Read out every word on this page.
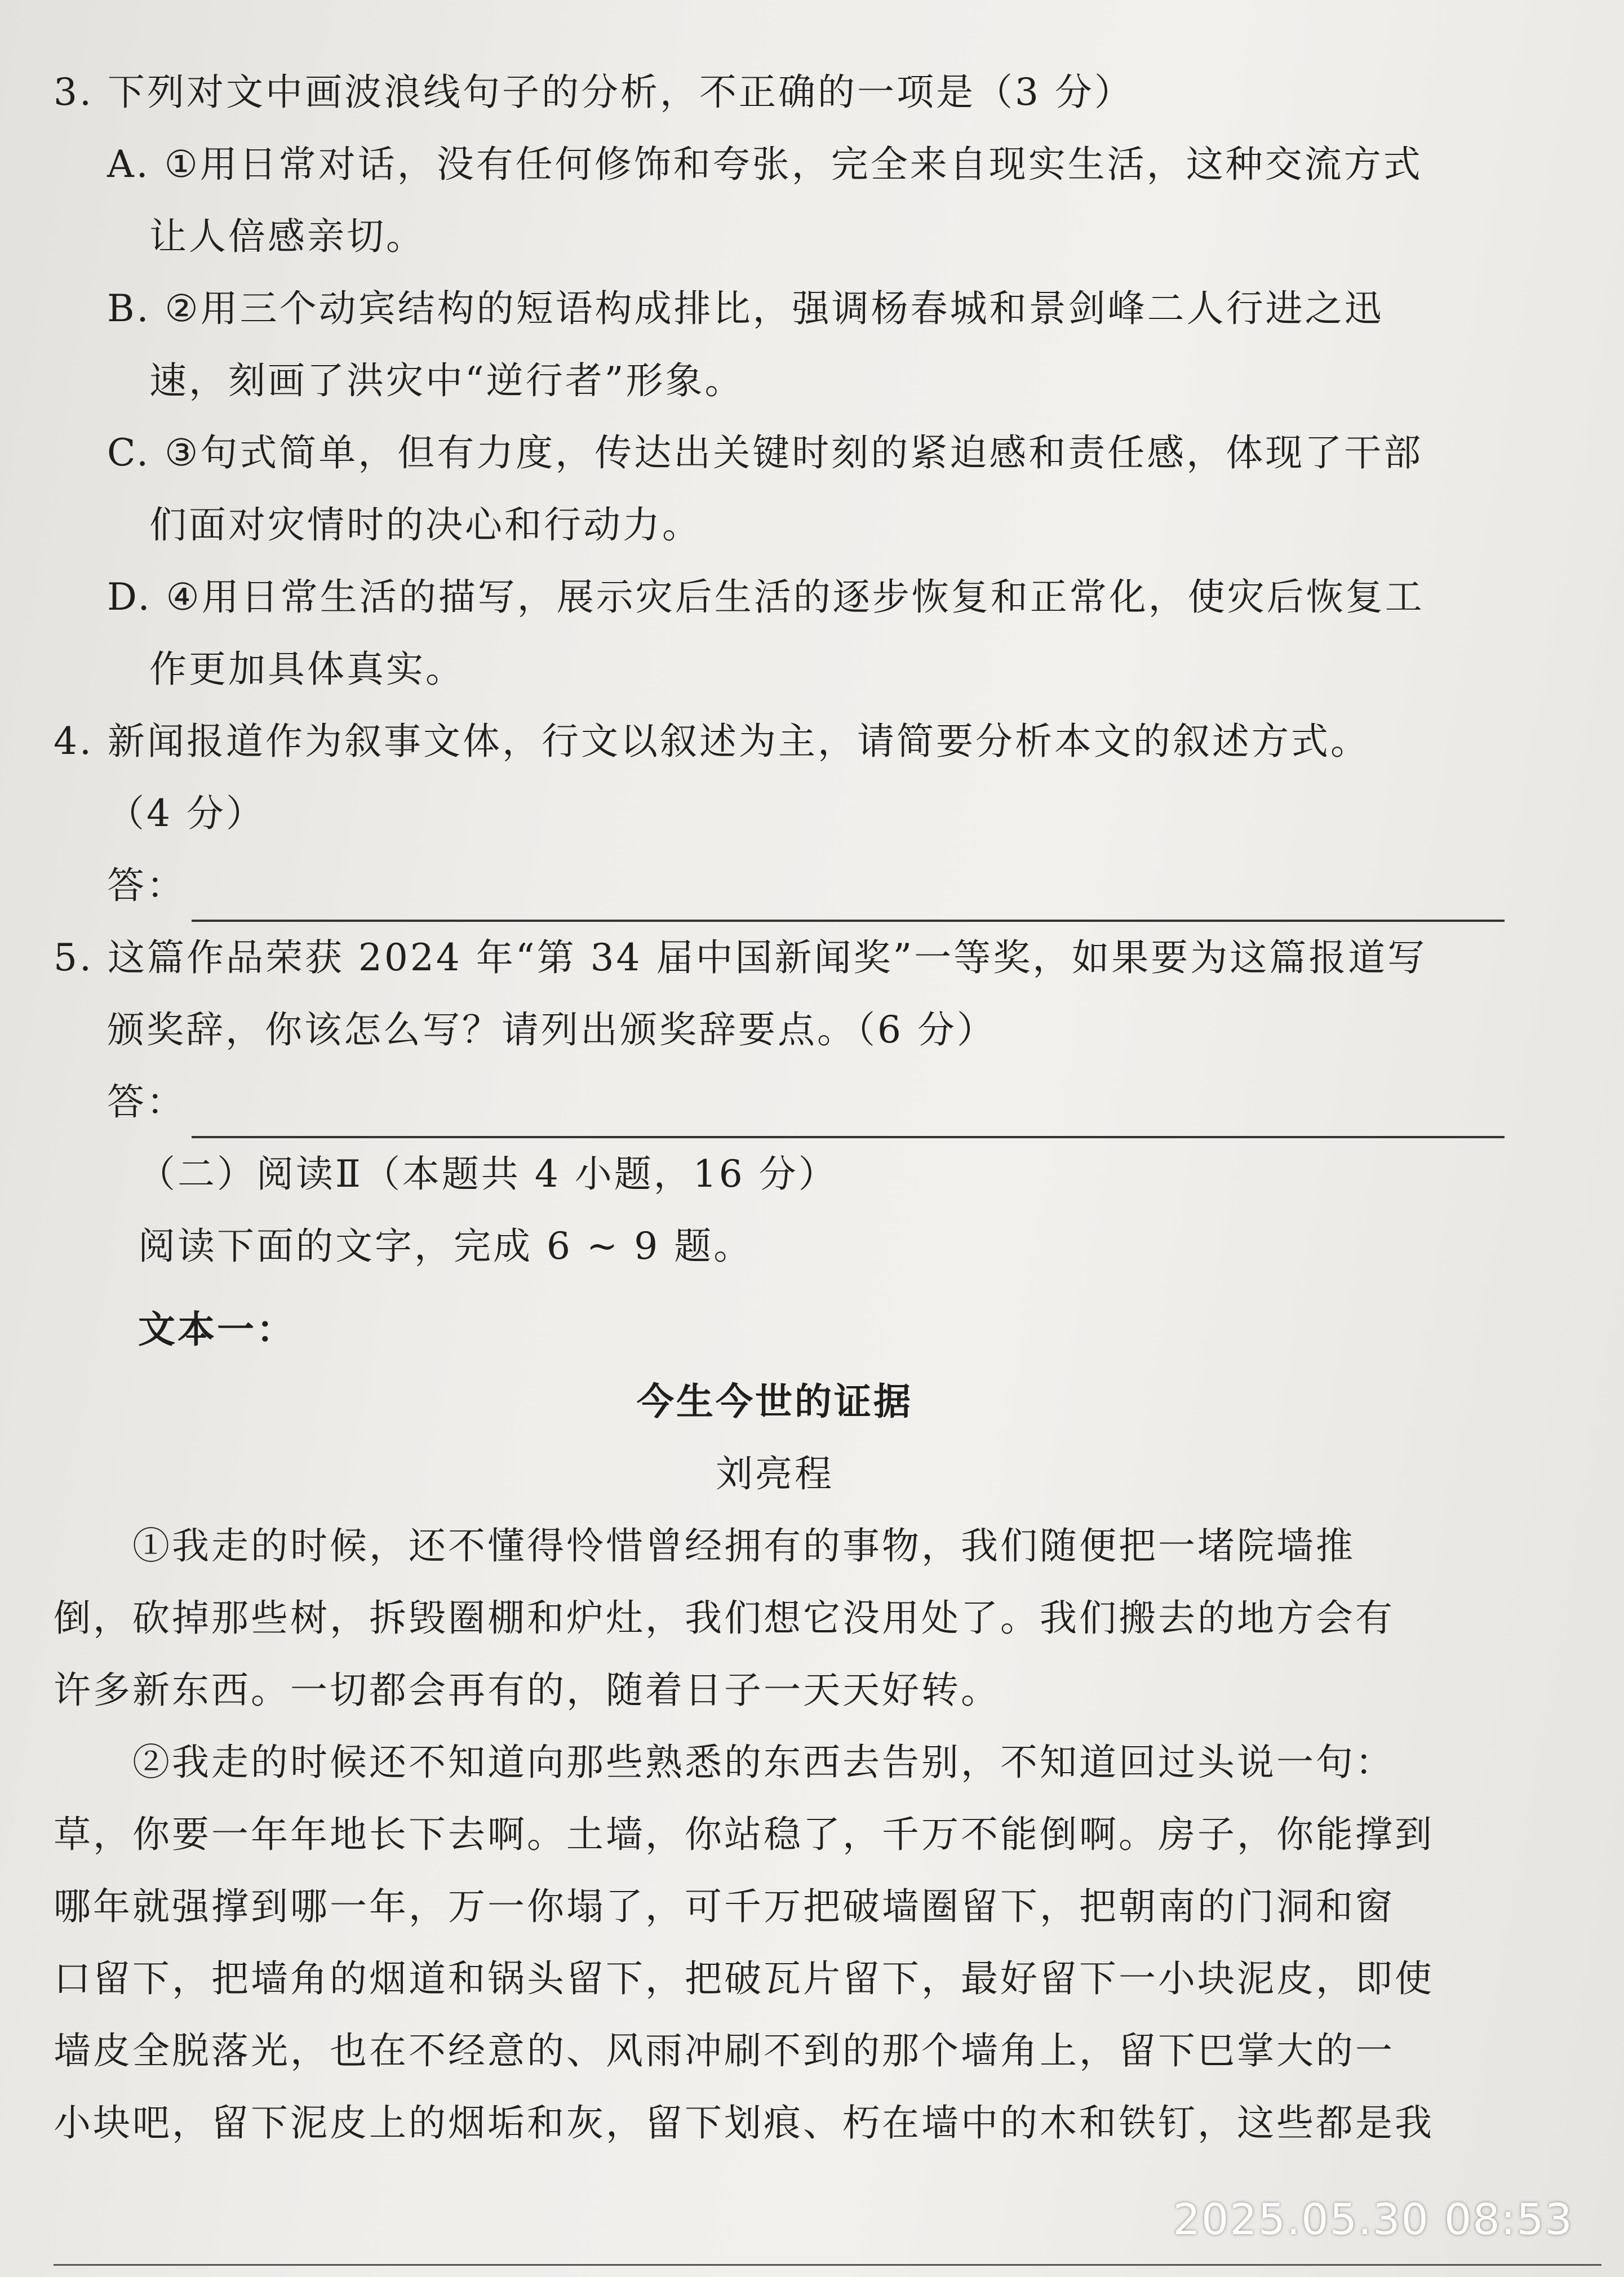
3. 下列对文中画波浪线句子的分析，不正确的一项是（3 分）
A. ①用日常对话，没有任何修饰和夸张，完全来自现实生活，这种交流方式
让人倍感亲切。
B. ②用三个动宾结构的短语构成排比，强调杨春城和景剑峰二人行进之迅
速，刻画了洪灾中“逆行者”形象。
C. ③句式简单，但有力度，传达出关键时刻的紧迫感和责任感，体现了干部
们面对灾情时的决心和行动力。
D. ④用日常生活的描写，展示灾后生活的逐步恢复和正常化，使灾后恢复工
作更加具体真实。
4. 新闻报道作为叙事文体，行文以叙述为主，请简要分析本文的叙述方式。
（4 分）
答：
5. 这篇作品荣获 2024 年“第 34 届中国新闻奖”一等奖，如果要为这篇报道写
颁奖辞，你该怎么写？请列出颁奖辞要点。（6 分）
答：
（二）阅读Ⅱ（本题共 4 小题，16 分）
阅读下面的文字，完成 6 ~ 9 题。
文本一：
今生今世的证据
刘亮程
①我走的时候，还不懂得怜惜曾经拥有的事物，我们随便把一堵院墙推
倒，砍掉那些树，拆毁圈棚和炉灶，我们想它没用处了。我们搬去的地方会有
许多新东西。一切都会再有的，随着日子一天天好转。
②我走的时候还不知道向那些熟悉的东西去告别，不知道回过头说一句：
草，你要一年年地长下去啊。土墙，你站稳了，千万不能倒啊。房子，你能撑到
哪年就强撑到哪一年，万一你塌了，可千万把破墙圈留下，把朝南的门洞和窗
口留下，把墙角的烟道和锅头留下，把破瓦片留下，最好留下一小块泥皮，即使
墙皮全脱落光，也在不经意的、风雨冲刷不到的那个墙角上，留下巴掌大的一
小块吧，留下泥皮上的烟垢和灰，留下划痕、朽在墙中的木和铁钉，这些都是我
2025.05.30 08:53
